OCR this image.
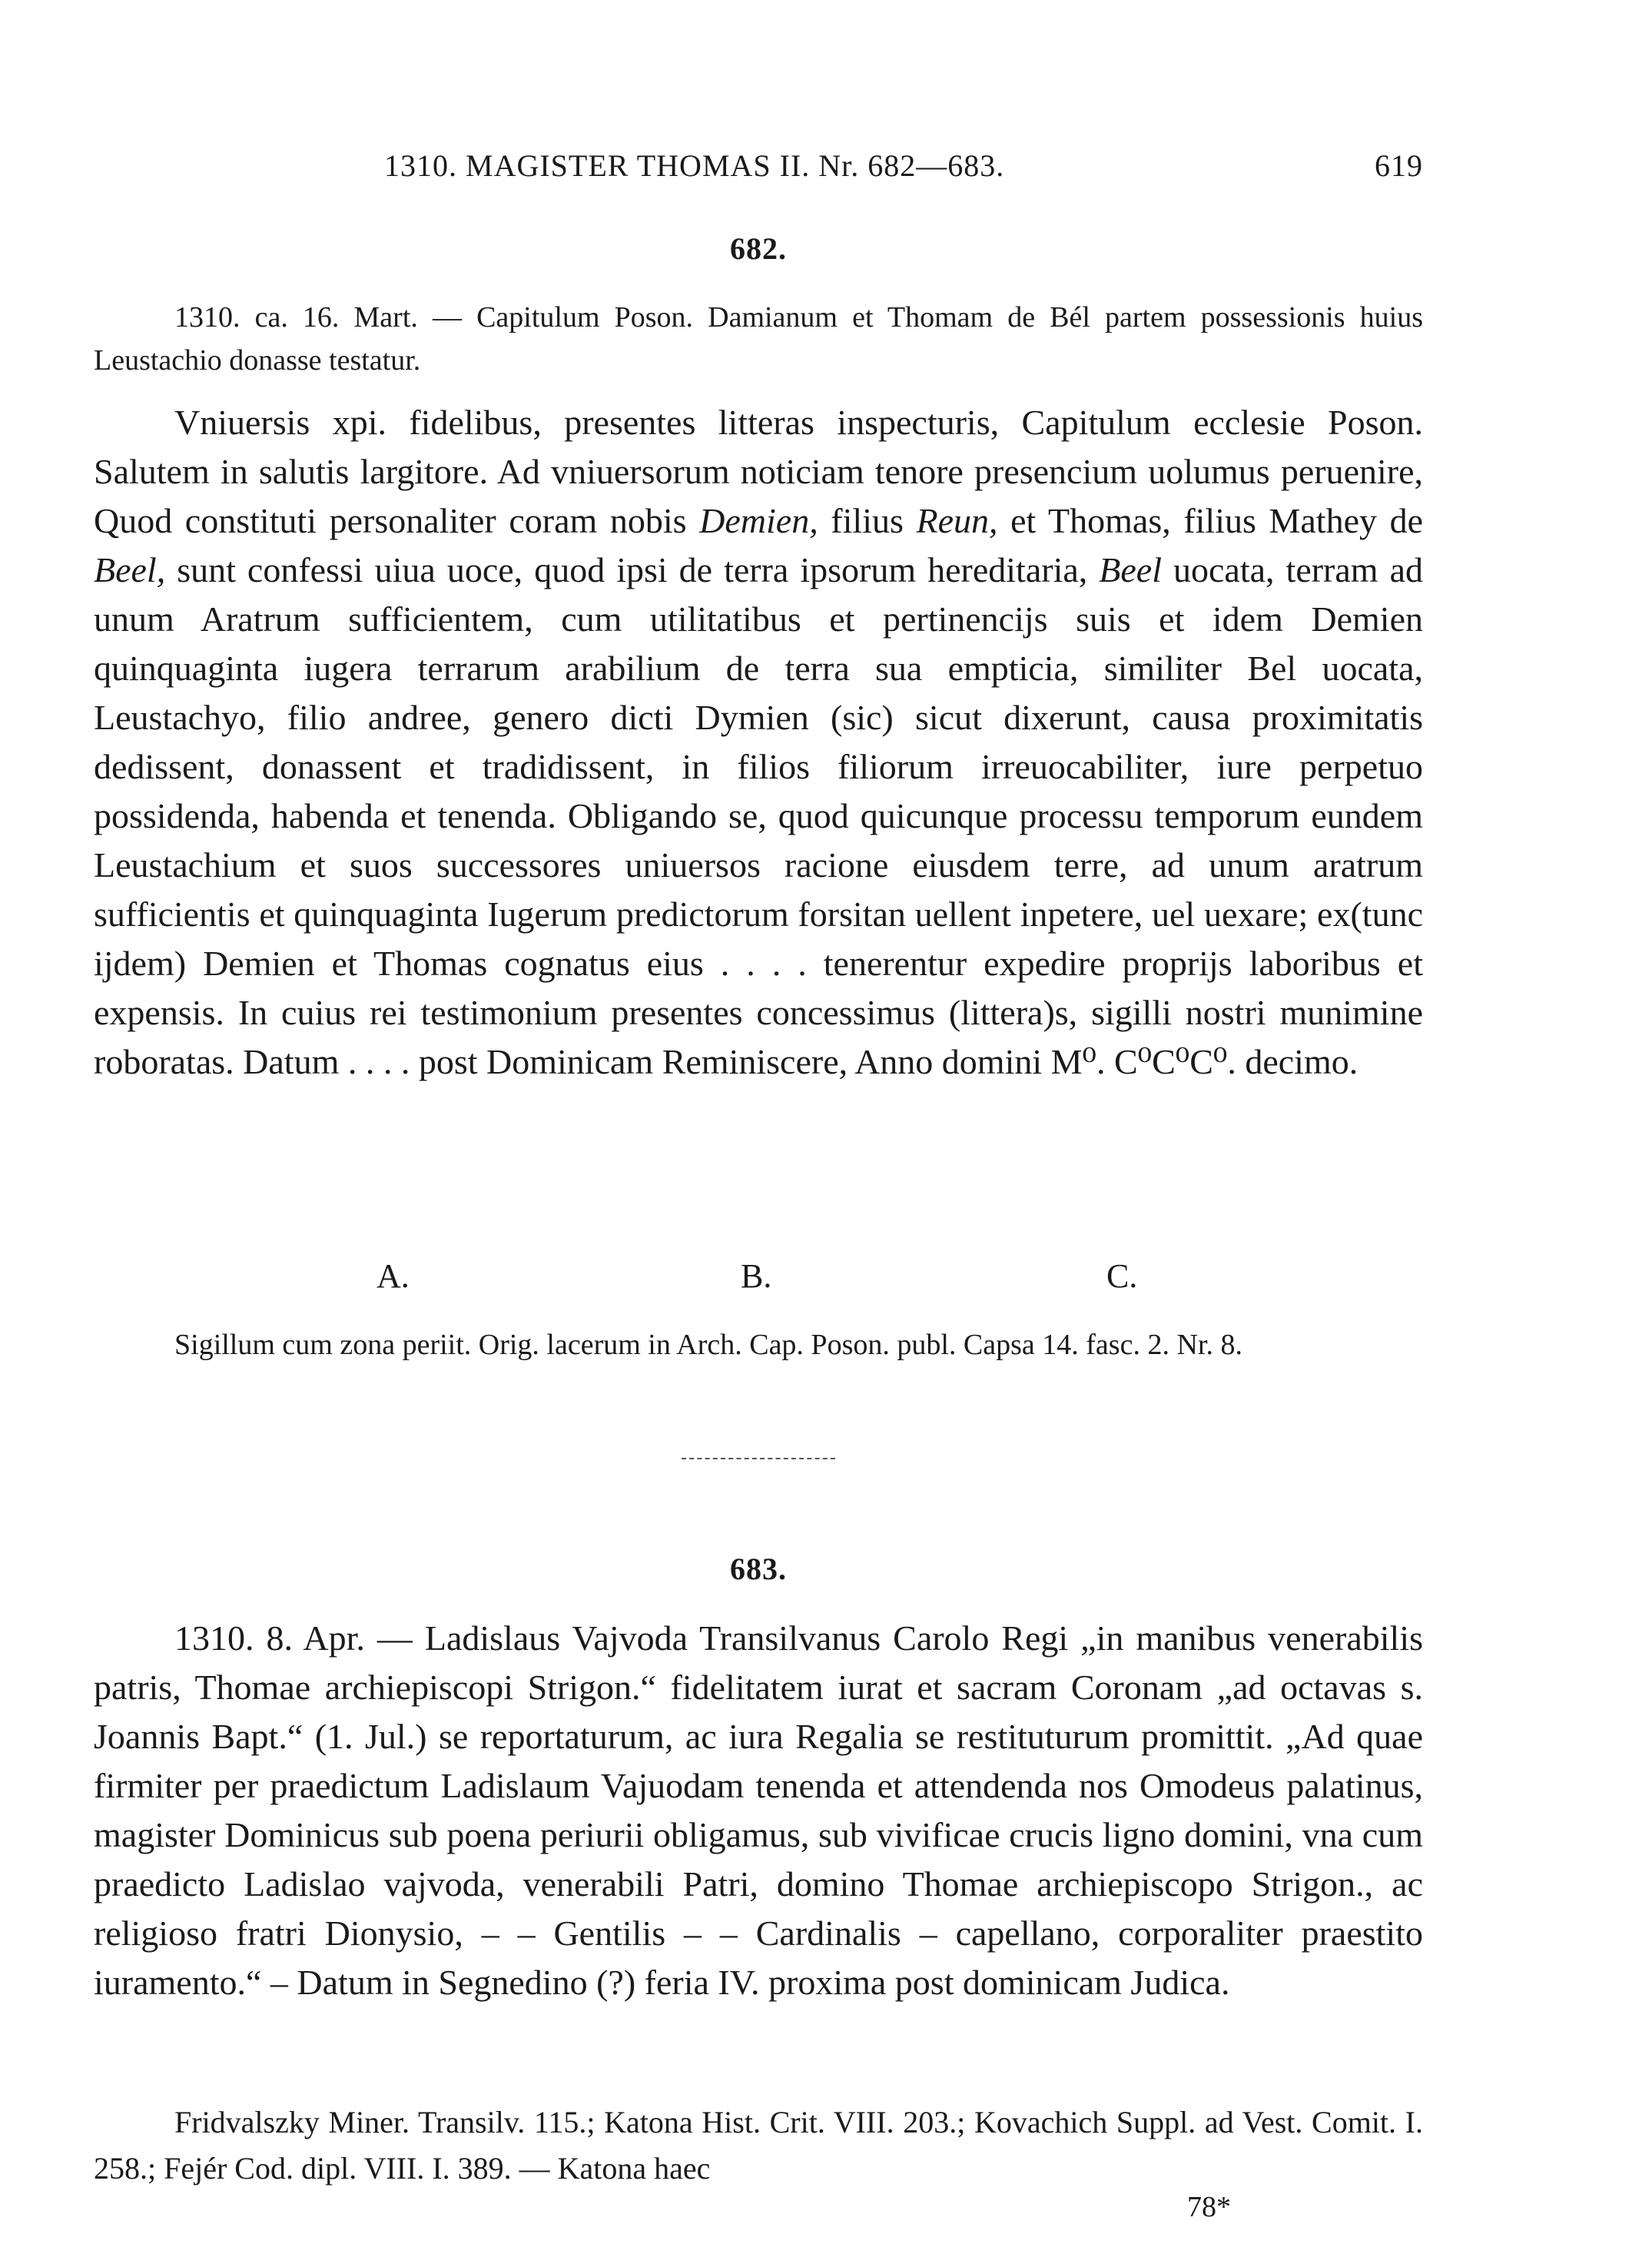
1310. MAGISTER THOMAS II. Nr. 682—683.	619
682.
1310. ca. 16. Mart. — Capitulum Poson. Damianum et Thomam de Bél partem possessionis huius Leustachio donasse testatur.

Vniuersis xpi. fidelibus, presentes litteras inspecturis, Capitulum ecclesie Poson. Salutem in salutis largitore. Ad vniuersorum noticiam tenore presencium uolumus peruenire, Quod constituti personaliter coram nobis Demien, filius Reun, et Thomas, filius Mathey de Beel, sunt confessi uiua uoce, quod ipsi de terra ipsorum hereditaria, Beel uocata, terram ad unum Aratrum sufficientem, cum utilitatibus et pertinencijs suis et idem Demien quinquaginta iugera terrarum arabilium de terra sua empticia, similiter Bel uocata, Leustachyo, filio andree, genero dicti Dymien (sic) sicut dixerunt, causa proximitatis dedissent, donassent et tradidissent, in filios filiorum irreuocabiliter, iure perpetuo possidenda, habenda et tenenda. Obligando se, quod quicunque processu temporum eundem Leustachium et suos successores uniuersos racione eiusdem terre, ad unum aratrum sufficientis et quinquaginta Iugerum predictorum forsitan uellent inpetere, uel uexare; ex(tunc ijdem) Demien et Thomas cognatus eius . . . . tenerentur expedire proprijs laboribus et expensis. In cuius rei testimonium presentes concessimus (littera)s, sigilli nostri munimine roboratas. Datum . . . . post Dominicam Reminiscere, Anno domini M⁰. C⁰C⁰C⁰. decimo.

A.	B.	C.
Sigillum cum zona periit. Orig. lacerum in Arch. Cap. Poson. publ. Capsa 14. fasc. 2. Nr. 8.
683.
1310. 8. Apr. — Ladislaus Vajvoda Transilvanus Carolo Regi „in manibus venerabilis patris, Thomae archiepiscopi Strigon.“ fidelitatem iurat et sacram Coronam „ad octavas s. Joannis Bapt.“ (1. Jul.) se reportaturum, ac iura Regalia se restituturum promittit. „Ad quae firmiter per praedictum Ladislaum Vajuodam tenenda et attendenda nos Omodeus palatinus, magister Dominicus sub poena periurii obligamus, sub vivificae crucis ligno domini, vna cum praedicto Ladislao vajvoda, venerabili Patri, domino Thomae archiepiscopo Strigon., ac religioso fratri Dionysio, – – Gentilis – – Cardinalis – capellano, corporaliter praestito iuramento.“ – Datum in Segnedino (?) feria IV. proxima post dominicam Judica.
Fridvalszky Miner. Transilv. 115.; Katona Hist. Crit. VIII. 203.; Kovachich Suppl. ad Vest. Comit. I. 258.; Fejér Cod. dipl. VIII. I. 389. — Katona haec
78*
